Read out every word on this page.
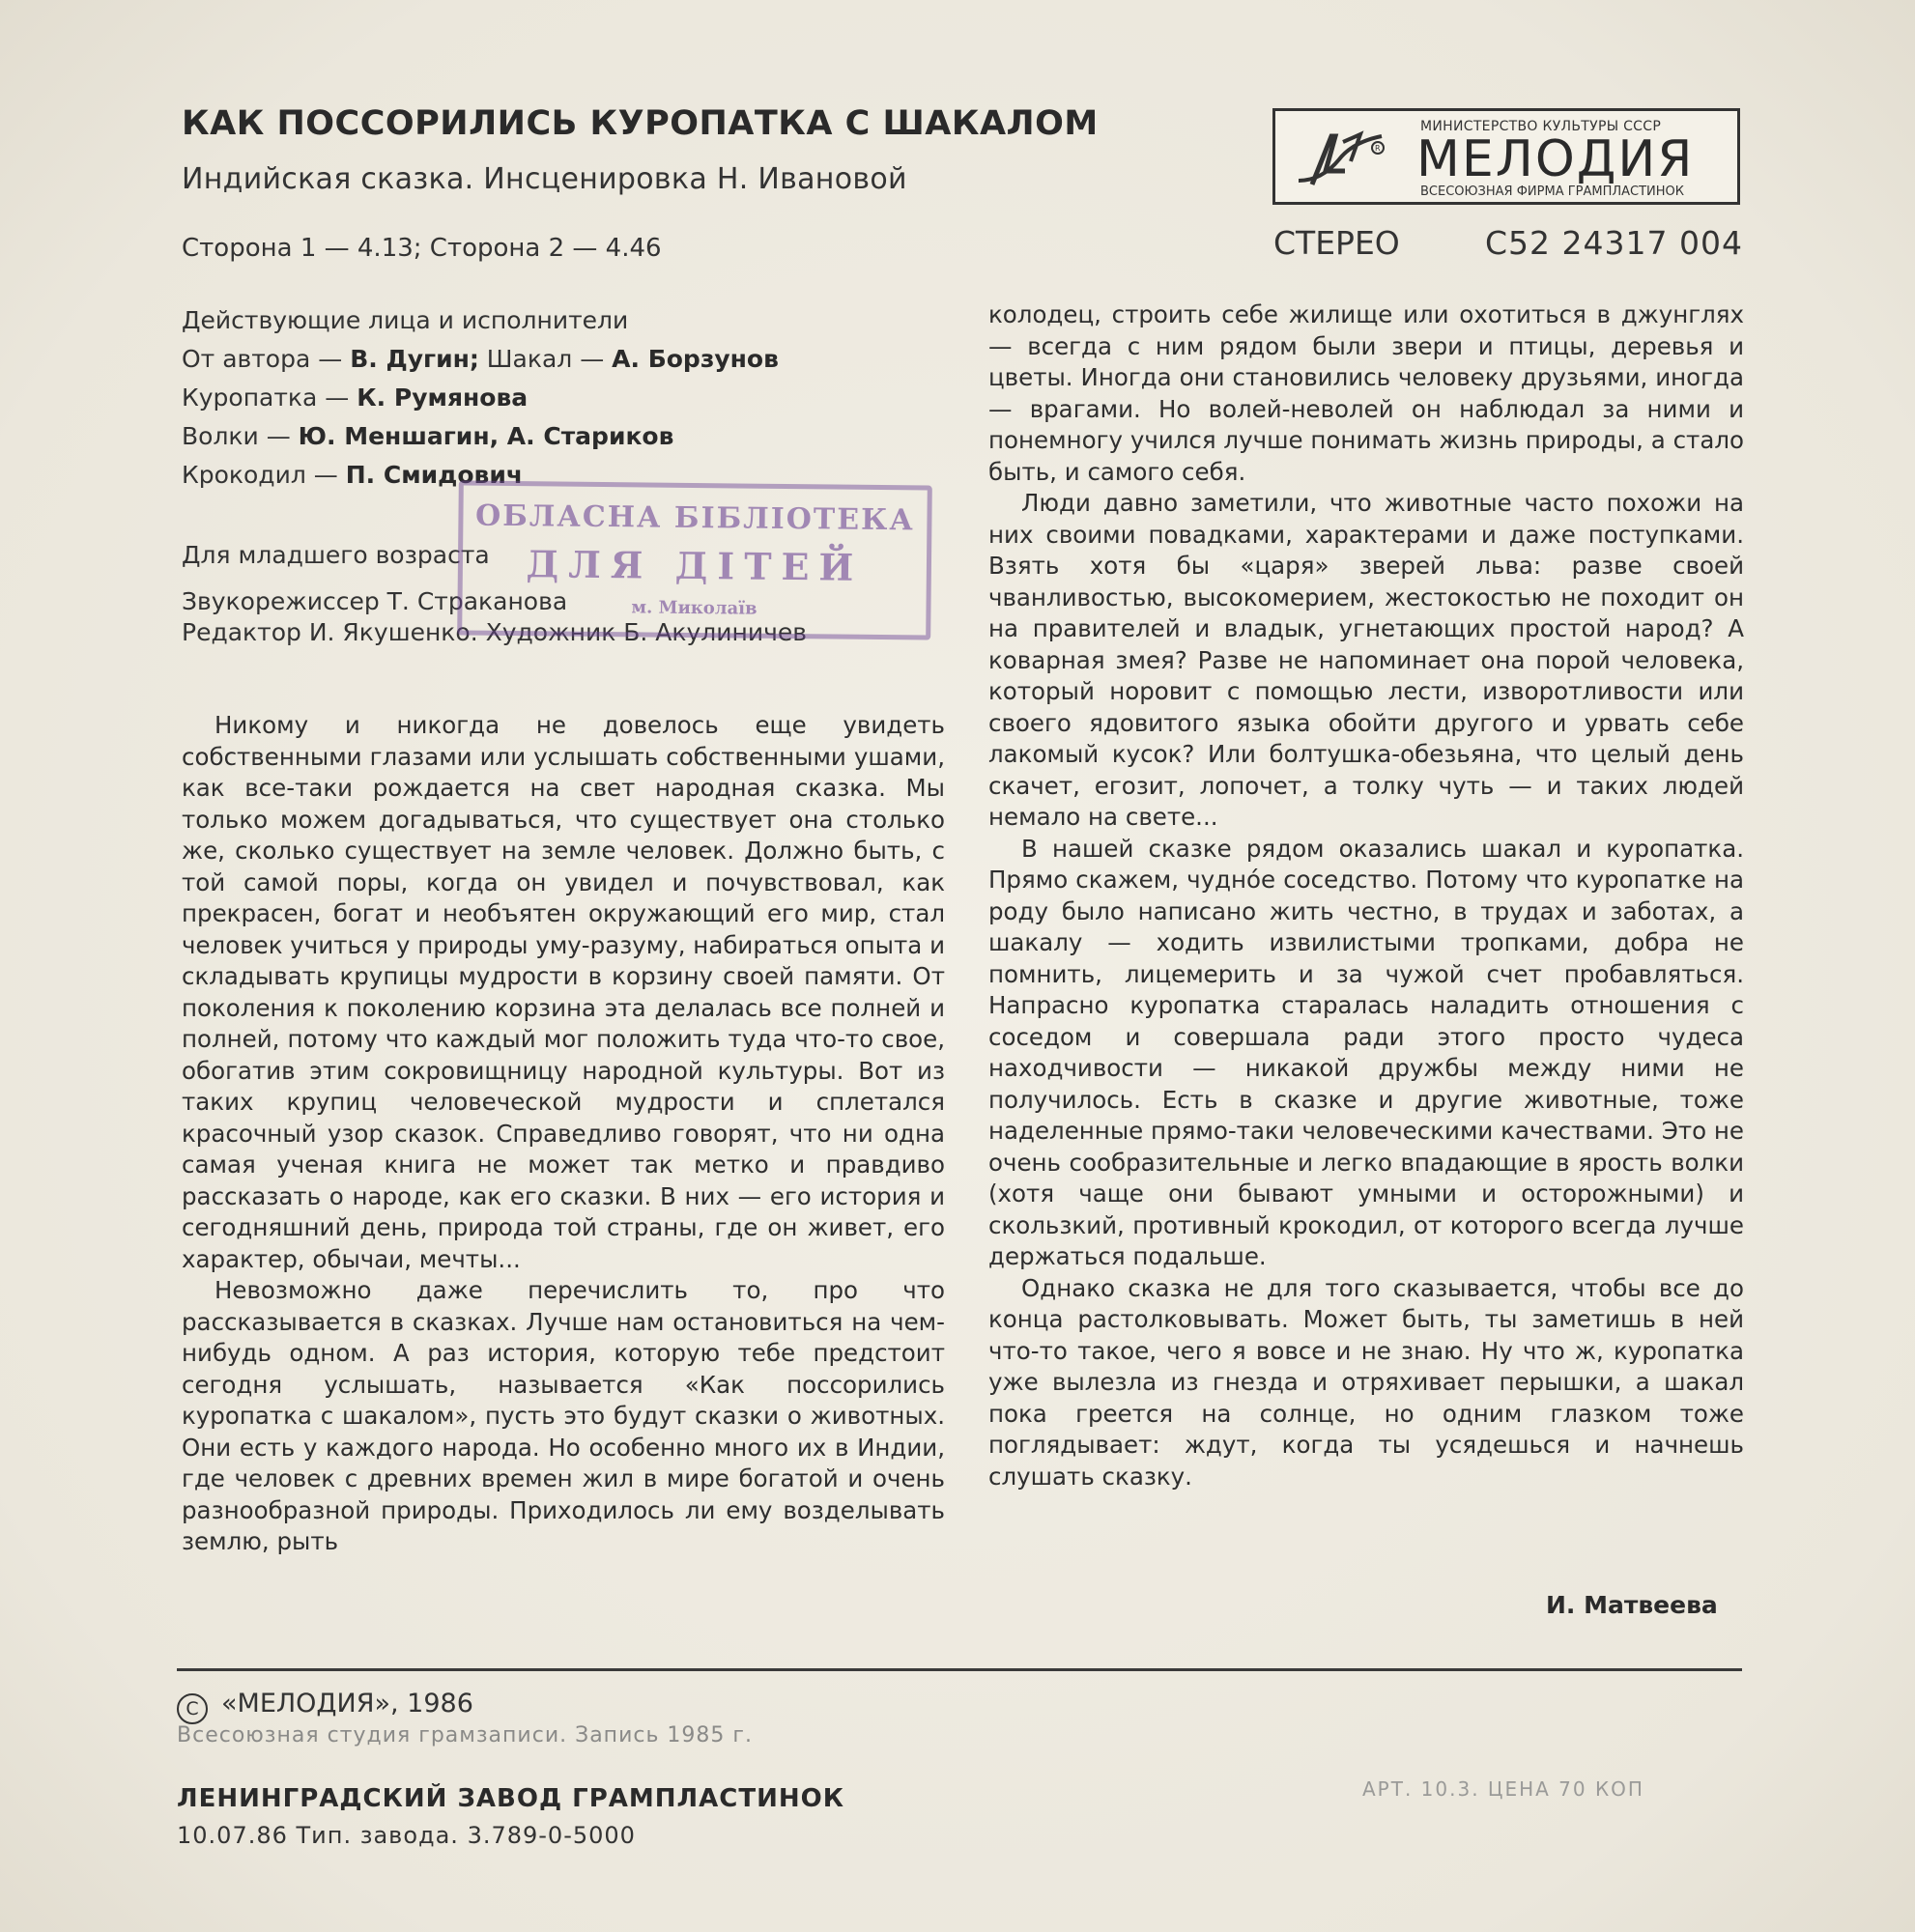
КАК ПОССОРИЛИСЬ КУРОПАТКА С ШАКАЛОМ
Индийская сказка. Инсценировка Н. Ивановой
Сторона 1 — 4.13; Сторона 2 — 4.46
R
МИНИСТЕРСТВО КУЛЬТУРЫ СССР
МЕЛОДИЯ
ВСЕСОЮЗНАЯ ФИРМА ГРАМПЛАСТИНОК
СТЕРЕО	С52 24317 004
Действующие лица и исполнители
От автора — В. Дугин; Шакал — А. Борзунов
Куропатка — К. Румянова
Волки — Ю. Меншагин, А. Стариков
Крокодил — П. Смидович
Для младшего возраста
Звукорежиссер Т. Страканова
Редактор И. Якушенко. Художник Б. Акулиничев
ОБЛАСНА БІБЛІОТЕКА
ДЛЯ ДІТЕЙ
м. Миколаїв

Никому и никогда не довелось еще увидеть собственными глазами или услышать собственными ушами, как все-таки рождается на свет народная сказка. Мы только можем догадываться, что существует она столько же, сколько существует на земле человек. Должно быть, с той самой поры, когда он увидел и почувствовал, как прекрасен, богат и необъятен окружающий его мир, стал человек учиться у природы уму-разуму, набираться опыта и складывать крупицы мудрости в корзину своей памяти. От поколения к поколению корзина эта делалась все полней и полней, потому что каждый мог положить туда что-то свое, обогатив этим сокровищницу народной культуры. Вот из таких крупиц человеческой мудрости и сплетался красочный узор сказок. Справедливо говорят, что ни одна самая ученая книга не может так метко и правдиво рассказать о народе, как его сказки. В них — его история и сегодняшний день, природа той страны, где он живет, его характер, обычаи, мечты...

Невозможно даже перечислить то, про что рассказывается в сказках. Лучше нам остановиться на чем-нибудь одном. А раз история, которую тебе предстоит сегодня услышать, называется «Как поссорились куропатка с шакалом», пусть это будут сказки о животных. Они есть у каждого народа. Но особенно много их в Индии, где человек с древних времен жил в мире богатой и очень разнообразной природы. Приходилось ли ему возделывать землю, рыть

колодец, строить себе жилище или охотиться в джунглях — всегда с ним рядом были звери и птицы, деревья и цветы. Иногда они становились человеку друзьями, иногда — врагами. Но волей-неволей он наблюдал за ними и понемногу учился лучше понимать жизнь природы, а стало быть, и самого себя.

Люди давно заметили, что животные часто похожи на них своими повадками, характерами и даже поступками. Взять хотя бы «царя» зверей льва: разве своей чванливостью, высокомерием, жестокостью не походит он на правителей и владык, угнетающих простой народ? А коварная змея? Разве не напоминает она порой человека, который норовит с помощью лести, изворотливости или своего ядовитого языка обойти другого и урвать себе лакомый кусок? Или болтушка-обезьяна, что целый день скачет, егозит, лопочет, а толку чуть — и таких людей немало на свете...

В нашей сказке рядом оказались шакал и куропатка. Прямо скажем, чудно́е соседство. Потому что куропатке на роду было написано жить честно, в трудах и заботах, а шакалу — ходить извилистыми тропками, добра не помнить, лицемерить и за чужой счет пробавляться. Напрасно куропатка старалась наладить отношения с соседом и совершала ради этого просто чудеса находчивости — никакой дружбы между ними не получилось. Есть в сказке и другие животные, тоже наделенные прямо-таки человеческими качествами. Это не очень сообразительные и легко впадающие в ярость волки (хотя чаще они бывают умными и осторожными) и скользкий, противный крокодил, от которого всегда лучше держаться подальше.

Однако сказка не для того сказывается, чтобы все до конца растолковывать. Может быть, ты заметишь в ней что-то такое, чего я вовсе и не знаю. Ну что ж, куропатка уже вылезла из гнезда и отряхивает перышки, а шакал пока греется на солнце, но одним глазком тоже поглядывает: ждут, когда ты усядешься и начнешь слушать сказку.

И. Матвеева
C «МЕЛОДИЯ», 1986
Всесоюзная студия грамзаписи. Запись 1985 г.
ЛЕНИНГРАДСКИЙ ЗАВОД ГРАМПЛАСТИНОК
10.07.86 Тип. завода. 3.789-0-5000
АРТ. 10.3. ЦЕНА 70 КОП
